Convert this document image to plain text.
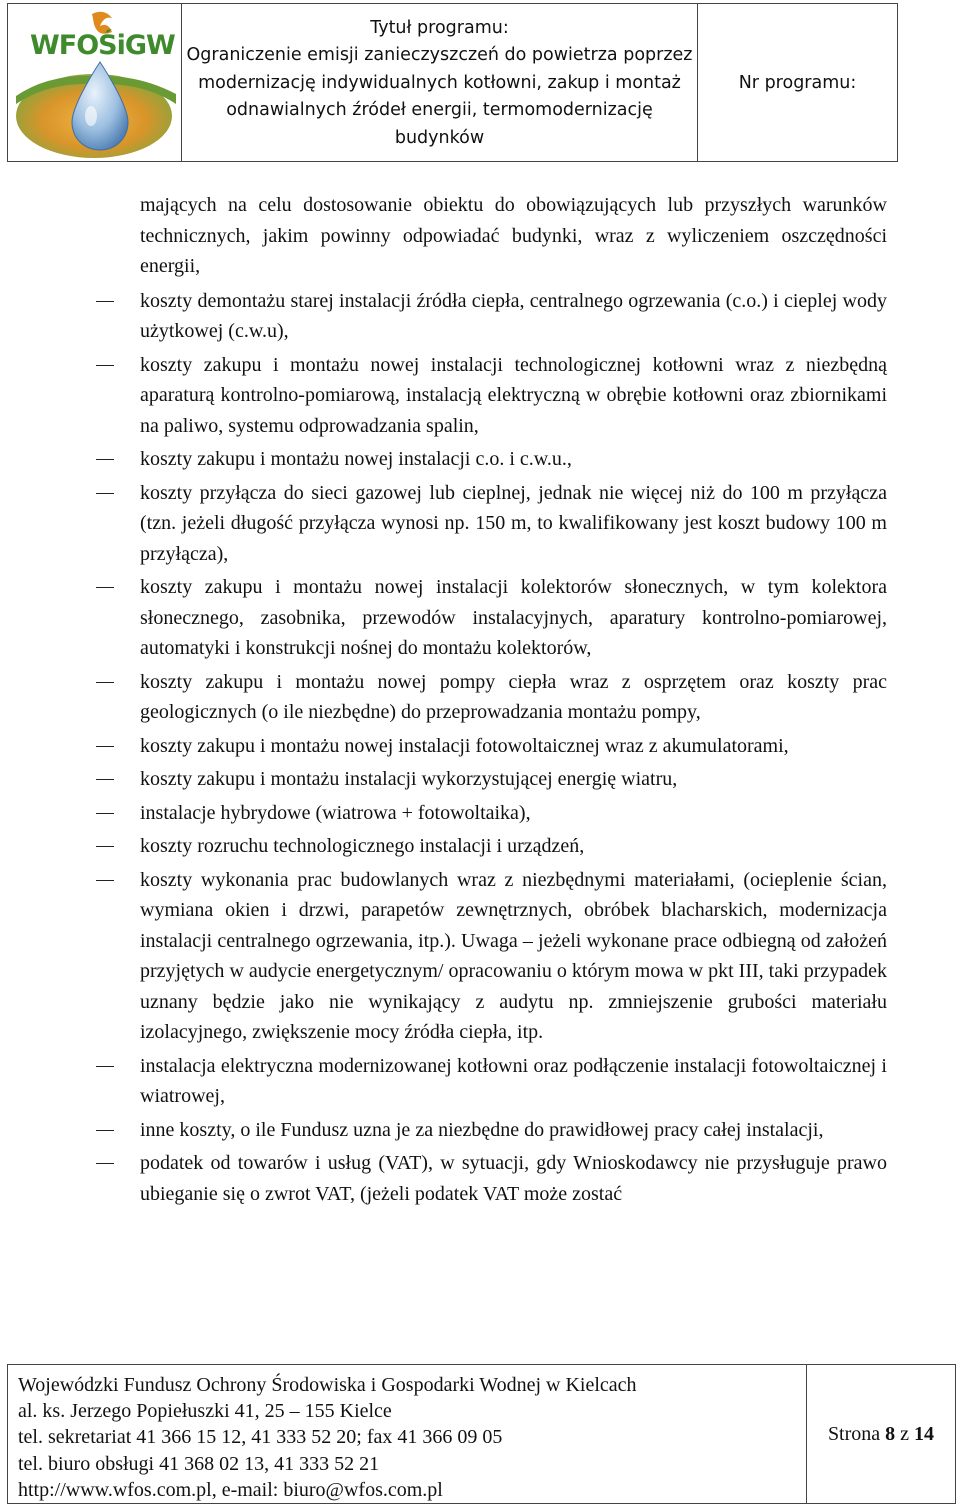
WFOŚiGW
Tytuł programu:
Ograniczenie emisji zanieczyszczeń do powietrza poprzez
modernizację indywidualnych kotłowni, zakup i montaż
odnawialnych źródeł energii, termomodernizację
budynków
Nr programu:

mających na celu dostosowanie obiektu do obowiązujących lub przyszłych warunków technicznych, jakim powinny odpowiadać budynki, wraz z wyliczeniem oszczędności energii,

koszty demontażu starej instalacji źródła ciepła, centralnego ogrzewania (c.o.) i cieplej wody użytkowej (c.w.u),
koszty zakupu i montażu nowej instalacji technologicznej kotłowni wraz z niezbędną aparaturą kontrolno-pomiarową, instalacją elektryczną w obrębie kotłowni oraz zbiornikami na paliwo, systemu odprowadzania spalin,
koszty zakupu i montażu nowej instalacji c.o. i c.w.u.,
koszty przyłącza do sieci gazowej lub cieplnej, jednak nie więcej niż do 100 m przyłącza (tzn. jeżeli długość przyłącza wynosi np. 150 m, to kwalifikowany jest koszt budowy 100 m przyłącza),
koszty zakupu i montażu nowej instalacji kolektorów słonecznych, w tym kolektora słonecznego, zasobnika, przewodów instalacyjnych, aparatury kontrolno-pomiarowej, automatyki i konstrukcji nośnej do montażu kolektorów,
koszty zakupu i montażu nowej pompy ciepła wraz z osprzętem oraz koszty prac geologicznych (o ile niezbędne) do przeprowadzania montażu pompy,
koszty zakupu i montażu nowej instalacji fotowoltaicznej wraz z akumulatorami,
koszty zakupu i montażu instalacji wykorzystującej energię wiatru,
instalacje hybrydowe (wiatrowa + fotowoltaika),
koszty rozruchu technologicznego instalacji i urządzeń,
koszty wykonania prac budowlanych wraz z niezbędnymi materiałami, (ocieplenie ścian, wymiana okien i drzwi, parapetów zewnętrznych, obróbek blacharskich, modernizacja instalacji centralnego ogrzewania, itp.). Uwaga – jeżeli wykonane prace odbiegną od założeń przyjętych w audycie energetycznym/ opracowaniu o którym mowa w pkt III, taki przypadek uznany będzie jako nie wynikający z audytu np. zmniejszenie grubości materiału izolacyjnego, zwiększenie mocy źródła ciepła, itp.
instalacja elektryczna modernizowanej kotłowni oraz podłączenie instalacji fotowoltaicznej i wiatrowej,
inne koszty, o ile Fundusz uzna je za niezbędne do prawidłowej pracy całej instalacji,
podatek od towarów i usług (VAT), w sytuacji, gdy Wnioskodawcy nie przysługuje prawo ubieganie się o zwrot VAT, (jeżeli podatek VAT może zostać
Wojewódzki Fundusz Ochrony Środowiska i Gospodarki Wodnej w Kielcach
al. ks. Jerzego Popiełuszki 41, 25 – 155 Kielce
tel. sekretariat 41 366 15 12, 41 333 52 20; fax 41 366 09 05
tel. biuro obsługi 41 368 02 13, 41 333 52 21
http://www.wfos.com.pl, e-mail: biuro@wfos.com.pl
Strona
8
z
14
